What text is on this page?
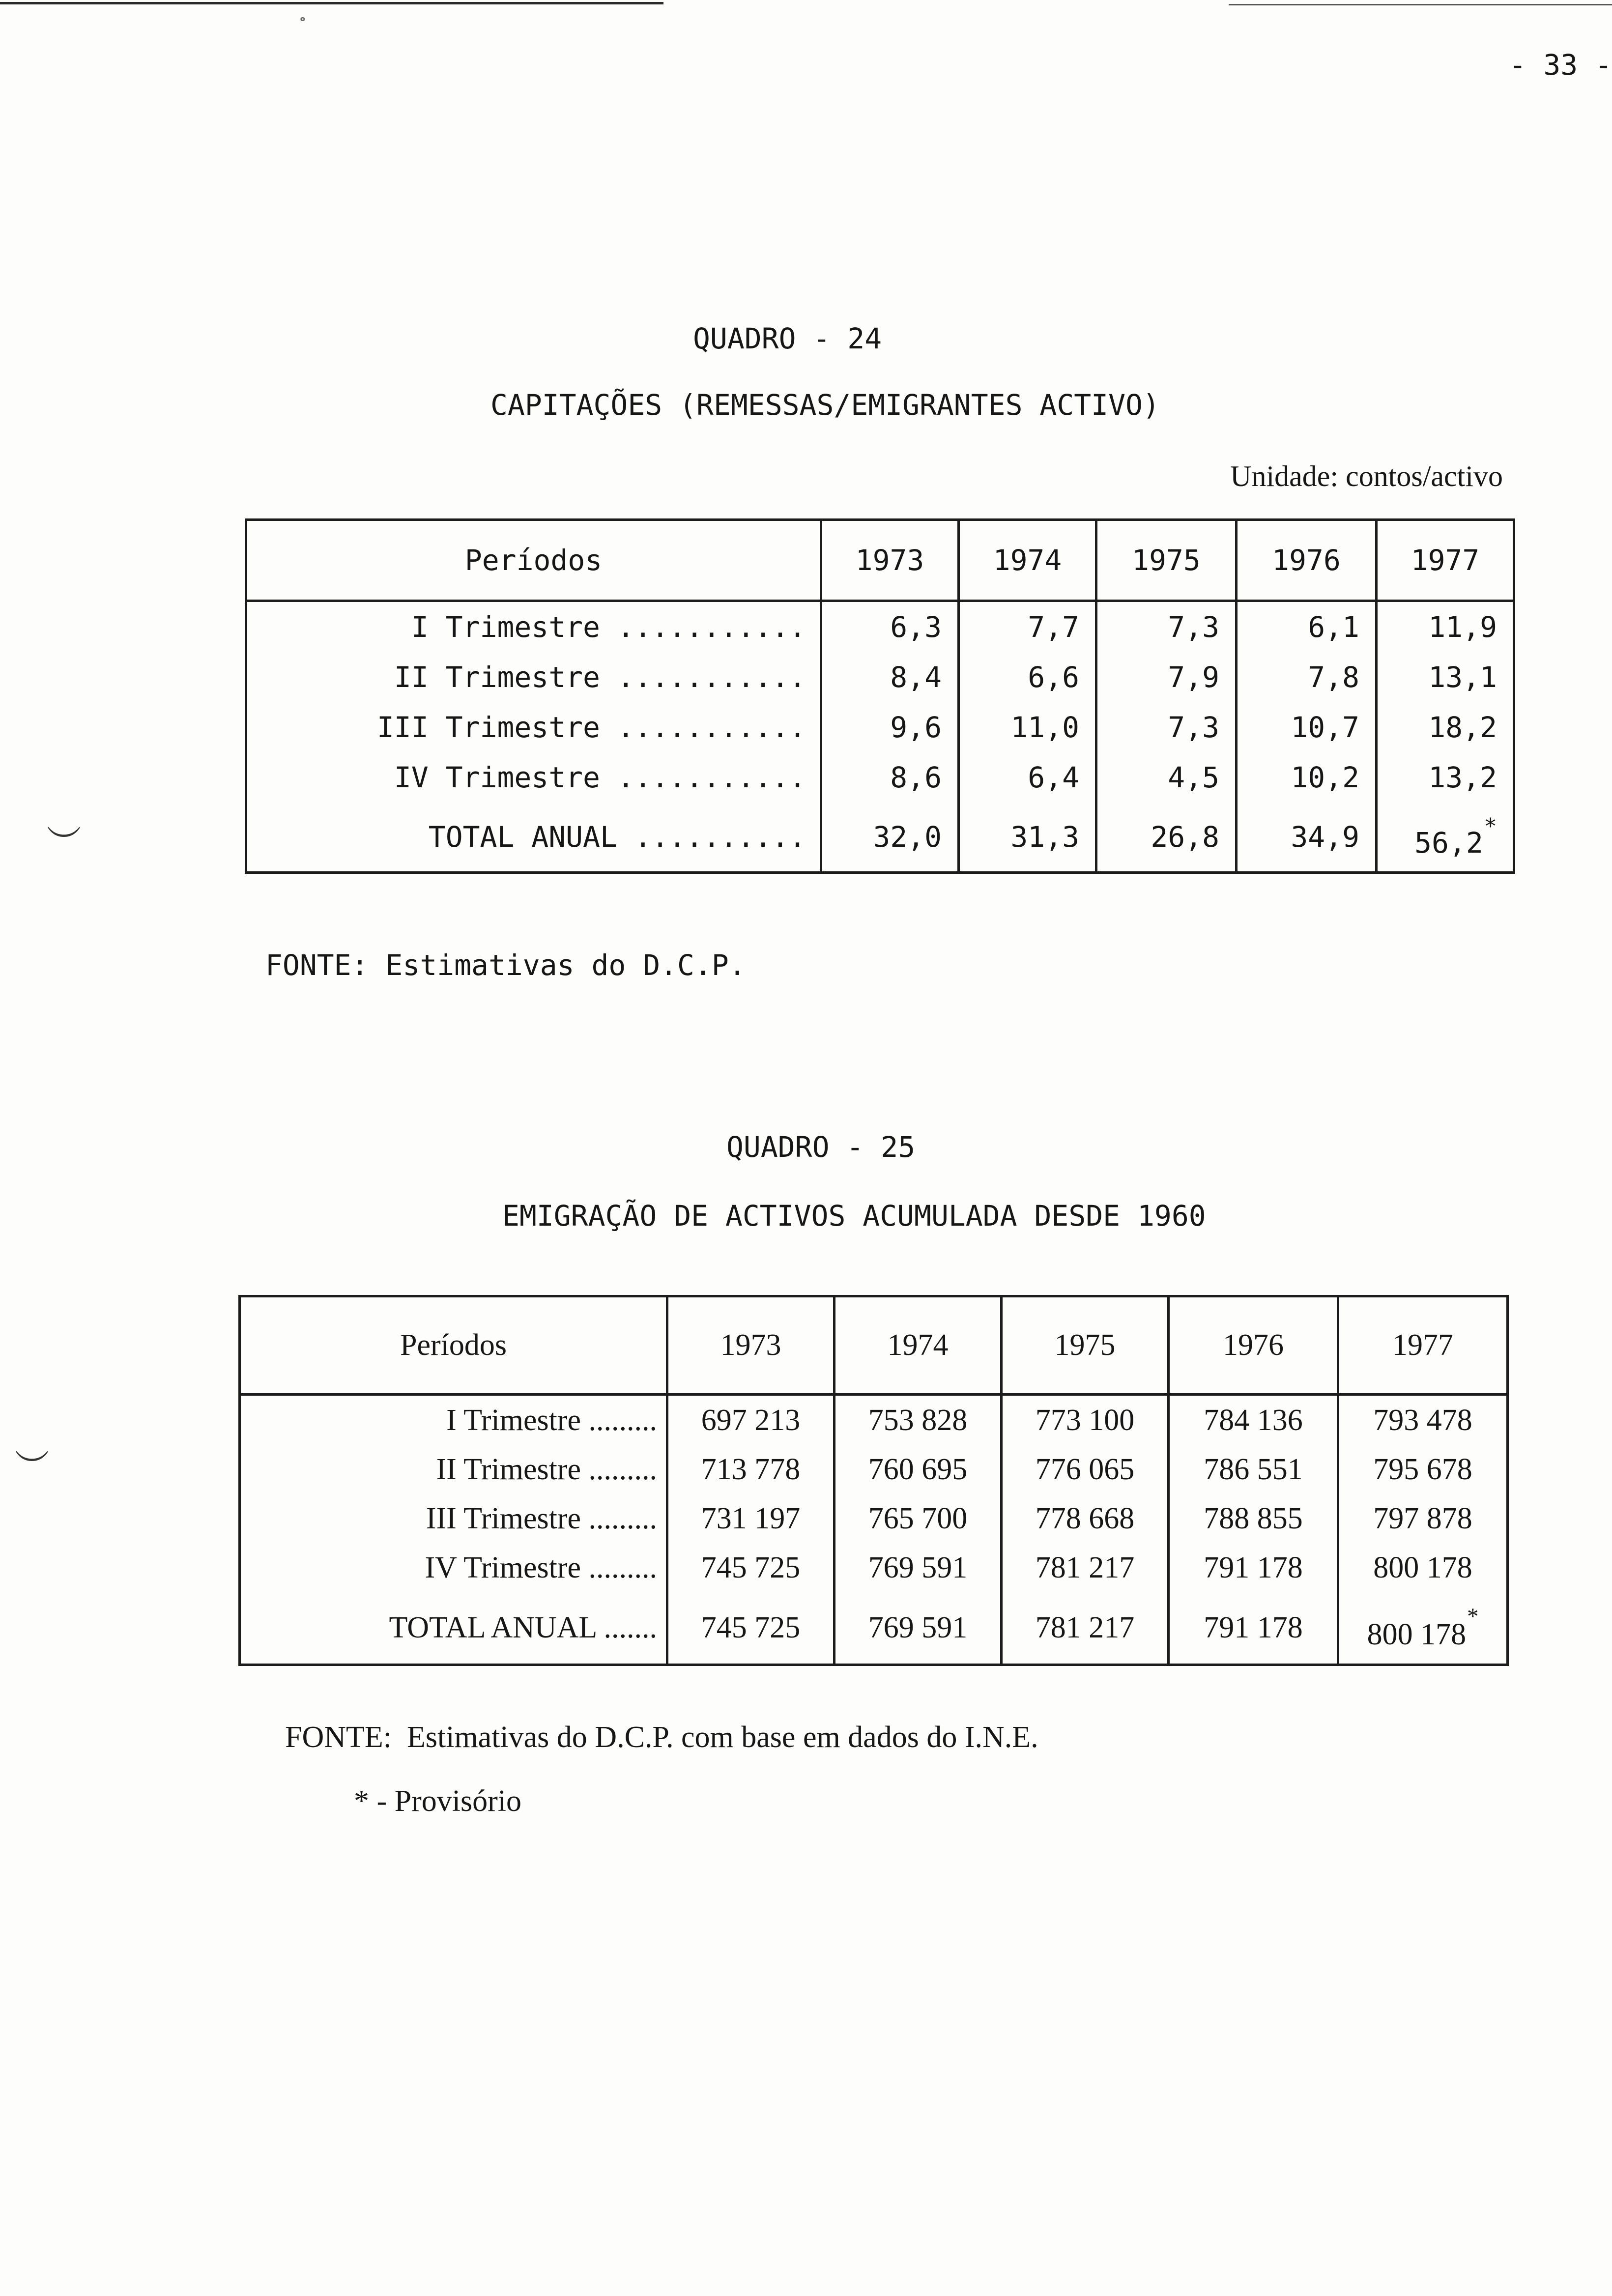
- 33 -
QUADRO - 24
CAPITAÇÕES (REMESSAS/EMIGRANTES ACTIVO)
Unidade: contos/activo
Períodos	1973	1974	1975	1976	1977
I Trimestre ...........	6,3	7,7	7,3	6,1	11,9
II Trimestre ...........	8,4	6,6	7,9	7,8	13,1
III Trimestre ...........	9,6	11,0	7,3	10,7	18,2
IV Trimestre ...........	8,6	6,4	4,5	10,2	13,2
TOTAL ANUAL ..........	32,0	31,3	26,8	34,9	56,2*
FONTE: Estimativas do D.C.P.
︶
QUADRO - 25
EMIGRAÇÃO DE ACTIVOS ACUMULADA DESDE 1960
Períodos	1973	1974	1975	1976	1977
I Trimestre .........	697 213	753 828	773 100	784 136	793 478
II Trimestre .........	713 778	760 695	776 065	786 551	795 678
III Trimestre .........	731 197	765 700	778 668	788 855	797 878
IV Trimestre .........	745 725	769 591	781 217	791 178	800 178
TOTAL ANUAL .......	745 725	769 591	781 217	791 178	800 178*
︶
FONTE:  Estimativas do D.C.P. com base em dados do I.N.E.
* - Provisório
